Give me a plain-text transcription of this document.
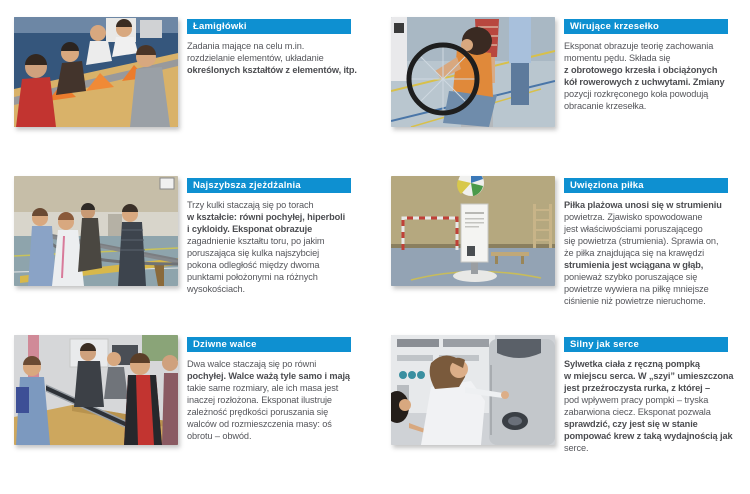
Łamigłówki
Zadania mające na celu m.in.
rozdzielanie elementów, układanie
określonych kształtów z elementów, itp.
Wirujące krzesełko
Eksponat obrazuje teorię zachowania
momentu pędu. Składa się
z obrotowego krzesła i obciążonych
kół rowerowych z uchwytami. Zmiany
pozycji rozkręconego koła powodują
obracanie krzesełka.
Najszybsza zjeżdżalnia
Trzy kulki staczają się po torach
w kształcie: równi pochyłej, hiperboli
i cykloidy. Eksponat obrazuje
zagadnienie kształtu toru, po jakim
poruszająca się kulka najszybciej
pokona odległość między dwoma
punktami położonymi na różnych
wysokościach.
Uwięziona piłka
Piłka plażowa unosi się w strumieniu
powietrza. Zjawisko spowodowane
jest właściwościami poruszającego
się powietrza (strumienia). Sprawia on,
że piłka znajdująca się na krawędzi
strumienia jest wciągana w głąb,
ponieważ szybko poruszające się
powietrze wywiera na piłkę mniejsze
ciśnienie niż powietrze nieruchome.
Dziwne walce
Dwa walce staczają się po równi
pochyłej. Walce ważą tyle samo i mają
takie same rozmiary, ale ich masa jest
inaczej rozłożona. Eksponat ilustruje
zależność prędkości poruszania się
walców od rozmieszczenia masy: oś
obrotu – obwód.
Silny jak serce
Sylwetka ciała z ręczną pompką
w miejscu serca. W „szyi” umieszczona
jest przeźroczysta rurka, z której –
pod wpływem pracy pompki – tryska
zabarwiona ciecz. Eksponat pozwala
sprawdzić, czy jest się w stanie
pompować krew z taką wydajnością jak
serce.
